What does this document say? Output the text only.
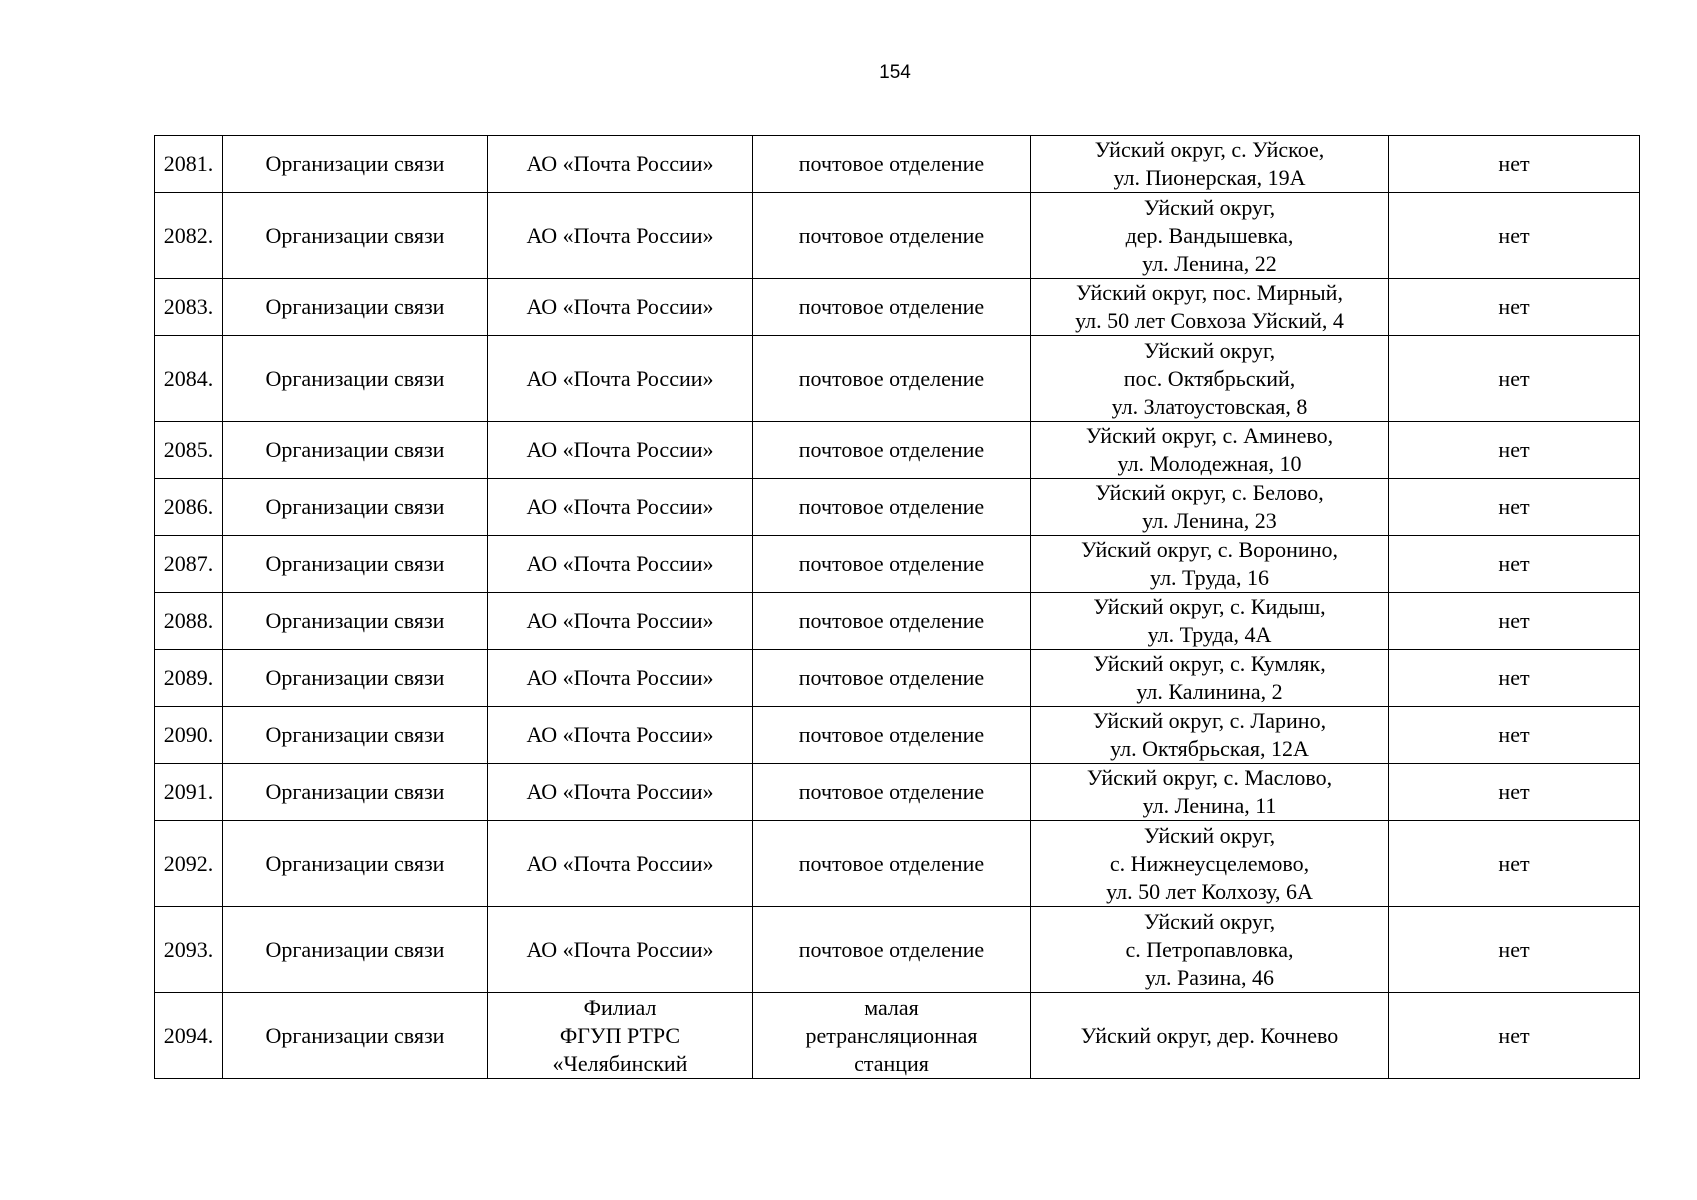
154
2081.	Организации связи	АО «Почта России»	почтовое отделение	Уйский округ, с. Уйское,
ул. Пионерская, 19А	нет

2082.	Организации связи	АО «Почта России»	почтовое отделение	Уйский округ,
дер. Вандышевка,
ул. Ленина, 22	нет

2083.	Организации связи	АО «Почта России»	почтовое отделение	Уйский округ, пос. Мирный,
ул. 50 лет Совхоза Уйский, 4	нет

2084.	Организации связи	АО «Почта России»	почтовое отделение	Уйский округ,
пос. Октябрьский,
ул. Златоустовская, 8	нет

2085.	Организации связи	АО «Почта России»	почтовое отделение	Уйский округ, с. Аминево,
ул. Молодежная, 10	нет

2086.	Организации связи	АО «Почта России»	почтовое отделение	Уйский округ, с. Белово,
ул. Ленина, 23	нет

2087.	Организации связи	АО «Почта России»	почтовое отделение	Уйский округ, с. Воронино,
ул. Труда, 16	нет

2088.	Организации связи	АО «Почта России»	почтовое отделение	Уйский округ, с. Кидыш,
ул. Труда, 4А	нет

2089.	Организации связи	АО «Почта России»	почтовое отделение	Уйский округ, с. Кумляк,
ул. Калинина, 2	нет

2090.	Организации связи	АО «Почта России»	почтовое отделение	Уйский округ, с. Ларино,
ул. Октябрьская, 12А	нет

2091.	Организации связи	АО «Почта России»	почтовое отделение	Уйский округ, с. Маслово,
ул. Ленина, 11	нет

2092.	Организации связи	АО «Почта России»	почтовое отделение	Уйский округ,
с. Нижнеусцелемово,
ул. 50 лет Колхозу, 6А	нет

2093.	Организации связи	АО «Почта России»	почтовое отделение	Уйский округ,
с. Петропавловка,
ул. Разина, 46	нет

2094.	Организации связи	Филиал
ФГУП РТРС
«Челябинский	малая
ретрансляционная
станция	Уйский округ, дер. Кочнево	нет
